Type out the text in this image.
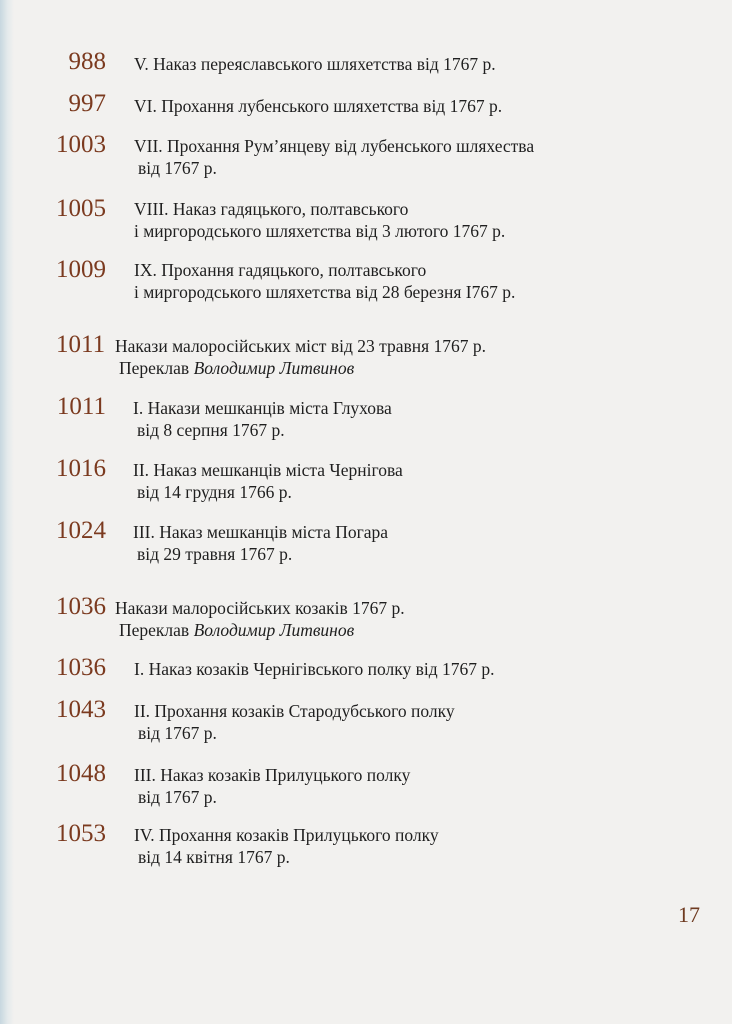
988 V. Наказ переяславського шляхетства від 1767 р.
997 VI. Прохання лубенського шляхетства від 1767 р.
1003 VII. Прохання Рум’янцеву від лубенського шляхества
від 1767 р.
1005 VIII. Наказ гадяцького, полтавського
і миргородського шляхетства від 3 лютого 1767 р.
1009 IX. Прохання гадяцького, полтавського
і миргородського шляхетства від 28 березня I767 р.
1011 Накази малоросійських міст від 23 травня 1767 р.
Переклав Володимир Литвинов
1011 I. Накази мешканців міста Глухова
від 8 серпня 1767 р.
1016 II. Наказ мешканців міста Чернігова
від 14 грудня 1766 р.
1024 III. Наказ мешканців міста Погара
від 29 травня 1767 р.
1036 Накази малоросійських козаків 1767 р.
Переклав Володимир Литвинов
1036 I. Наказ козаків Чернігівського полку від 1767 р.
1043 II. Прохання козаків Стародубського полку
від 1767 р.
1048 III. Наказ козаків Прилуцького полку
від 1767 р.
1053 IV. Прохання козаків Прилуцького полку
від 14 квітня 1767 р.
17
